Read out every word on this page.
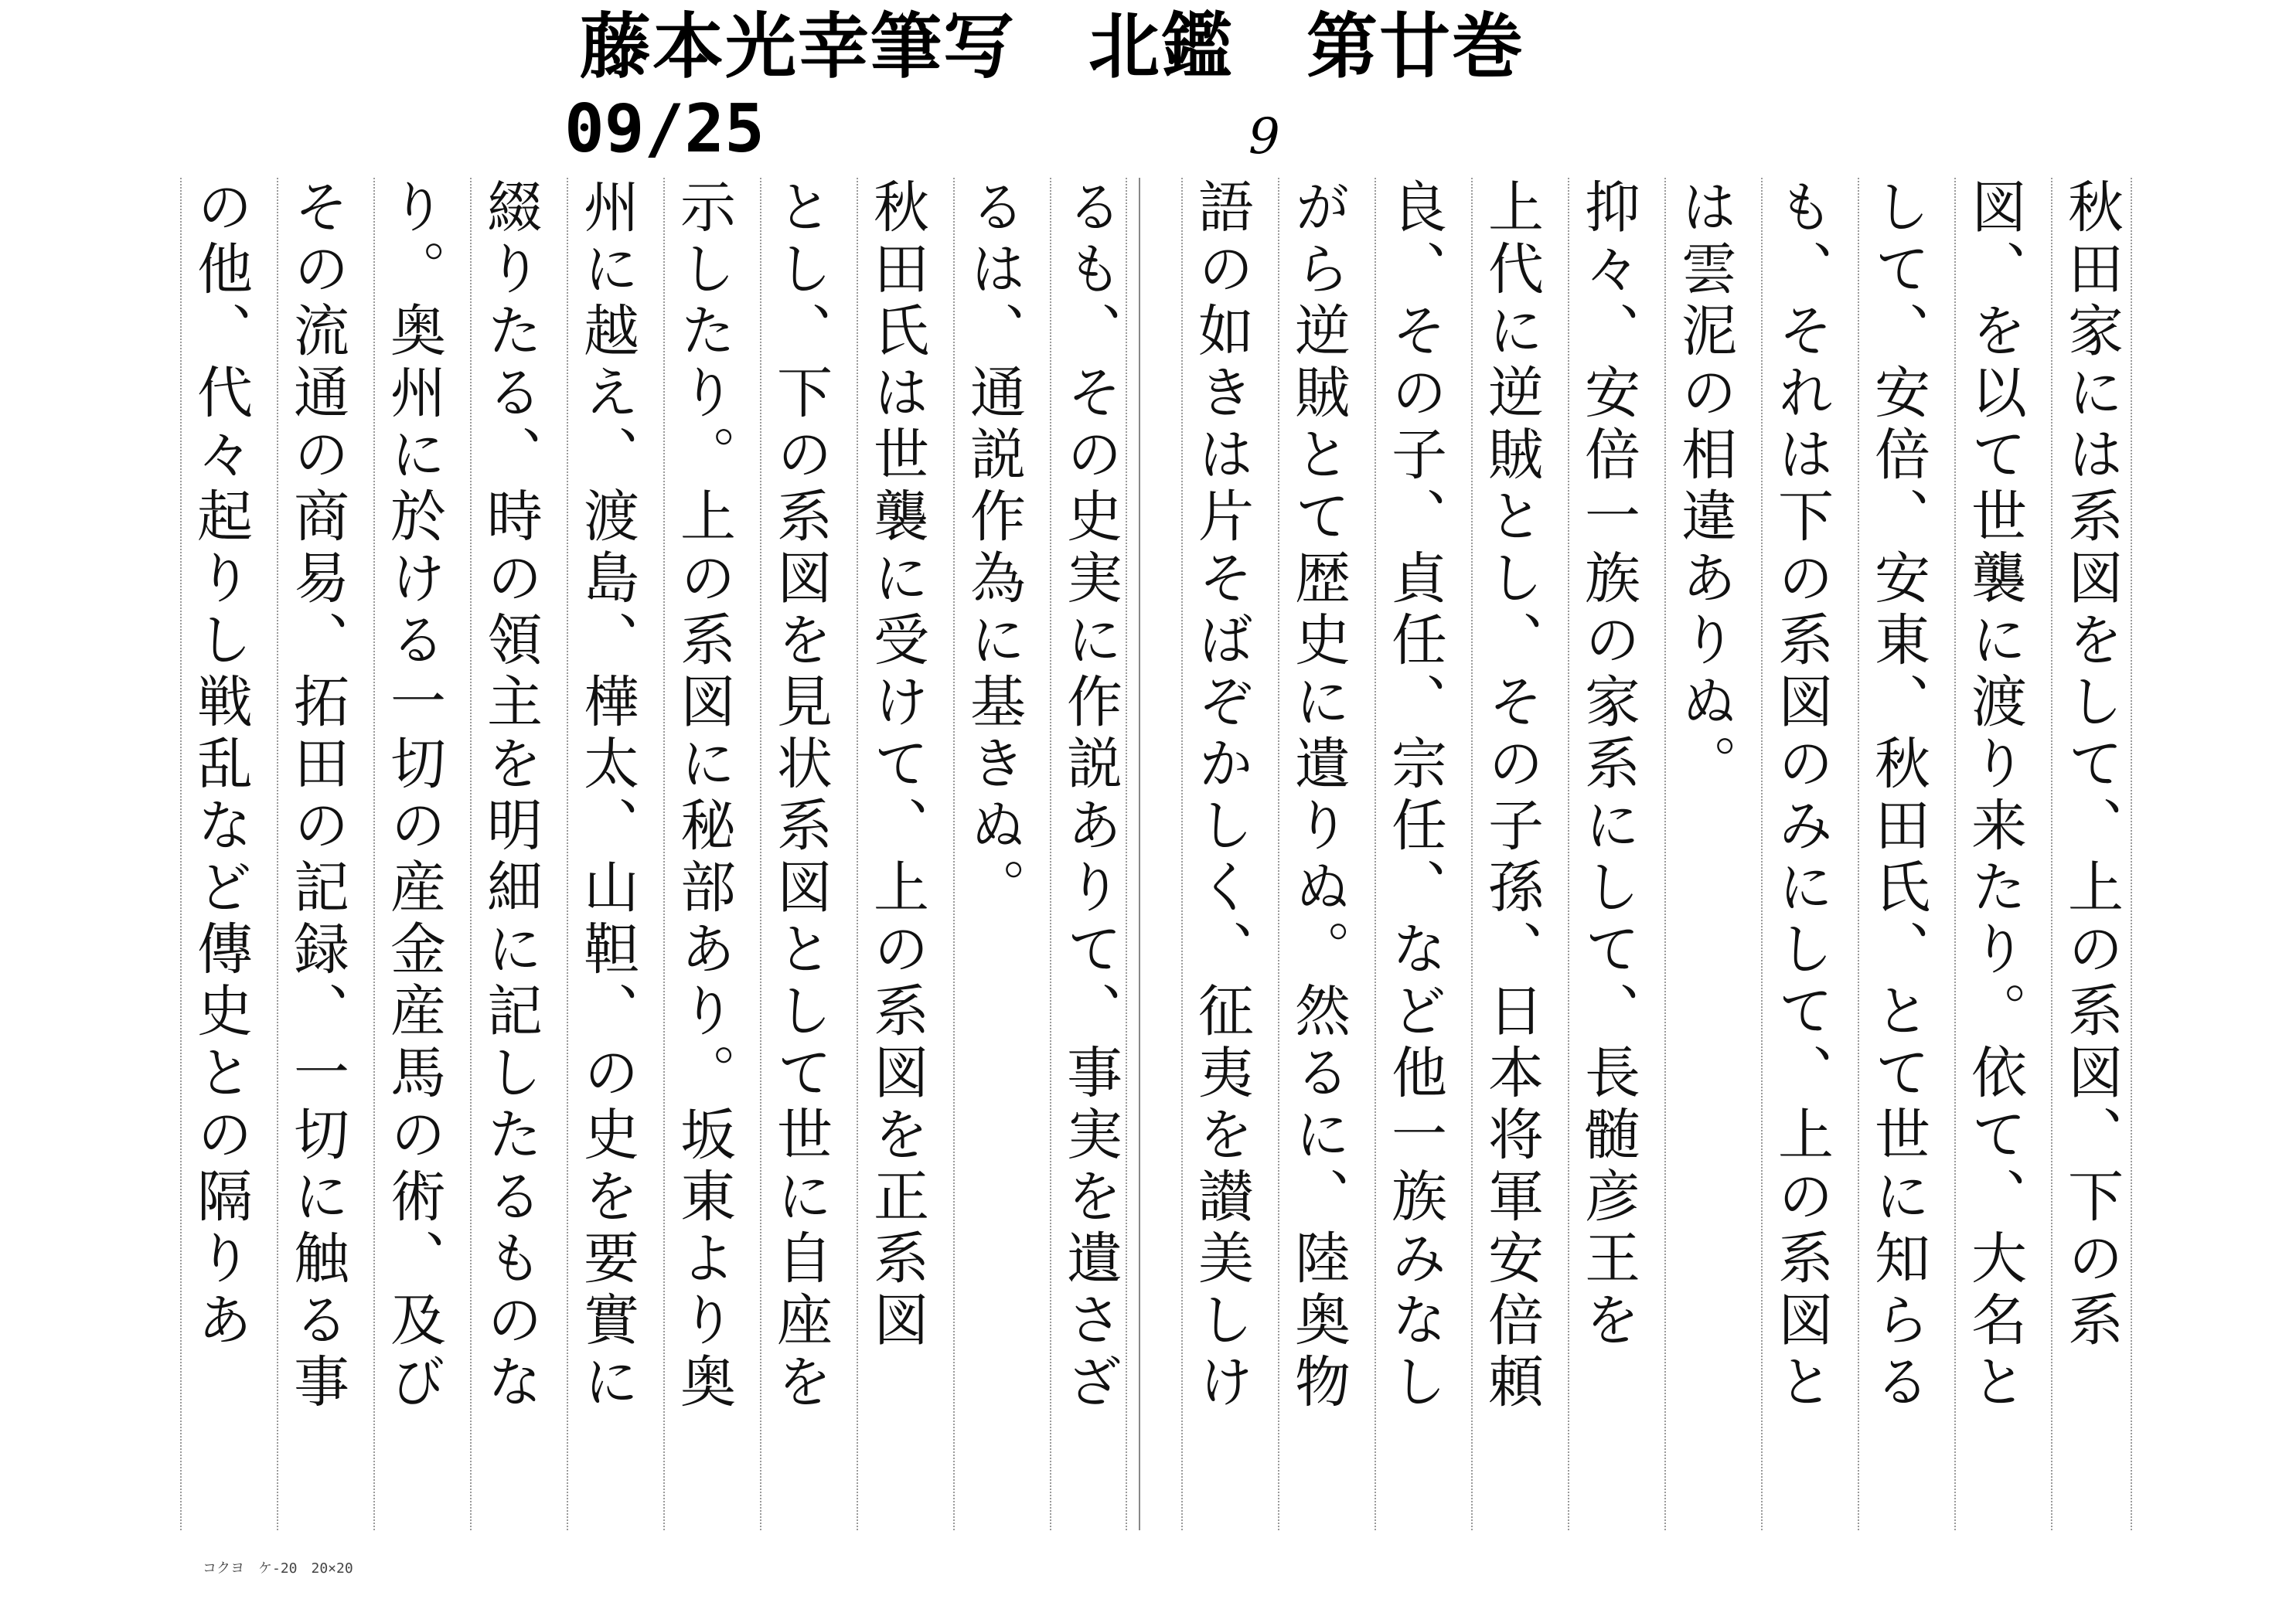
藤本光幸筆写　北鑑　第廿巻
09/25	9
るも、その史実に作説ありて、事実を遺さざ
るは、通説作為に基きぬ。
秋田氏は世襲に受けて、上の系図を正系図
とし、下の系図を見状系図として世に自座を
示したり。上の系図に秘部あり。坂東より奥
州に越え、渡島、樺太、山靼、の史を要實に
綴りたる、時の領主を明細に記したるものな
り。奥州に於ける一切の産金産馬の術、及び
その流通の商易、拓田の記録、一切に触る事
の他、代々起りし戦乱など傳史との隔りあ	秋田家には系図をして、上の系図、下の系
図、を以て世襲に渡り来たり。依て、大名と
して、安倍、安東、秋田氏、とて世に知らる
も、それは下の系図のみにして、上の系図と
は雲泥の相違ありぬ。
抑々、安倍一族の家系にして、長髄彦王を
上代に逆賊とし、その子孫、日本将軍安倍頼
良、その子、貞任、宗任、など他一族みなし
がら逆賊とて歴史に遺りぬ。然るに、陸奥物
語の如きは片そばぞかしく、征夷を讃美しけ
コクヨ　ケ-20　20×20
